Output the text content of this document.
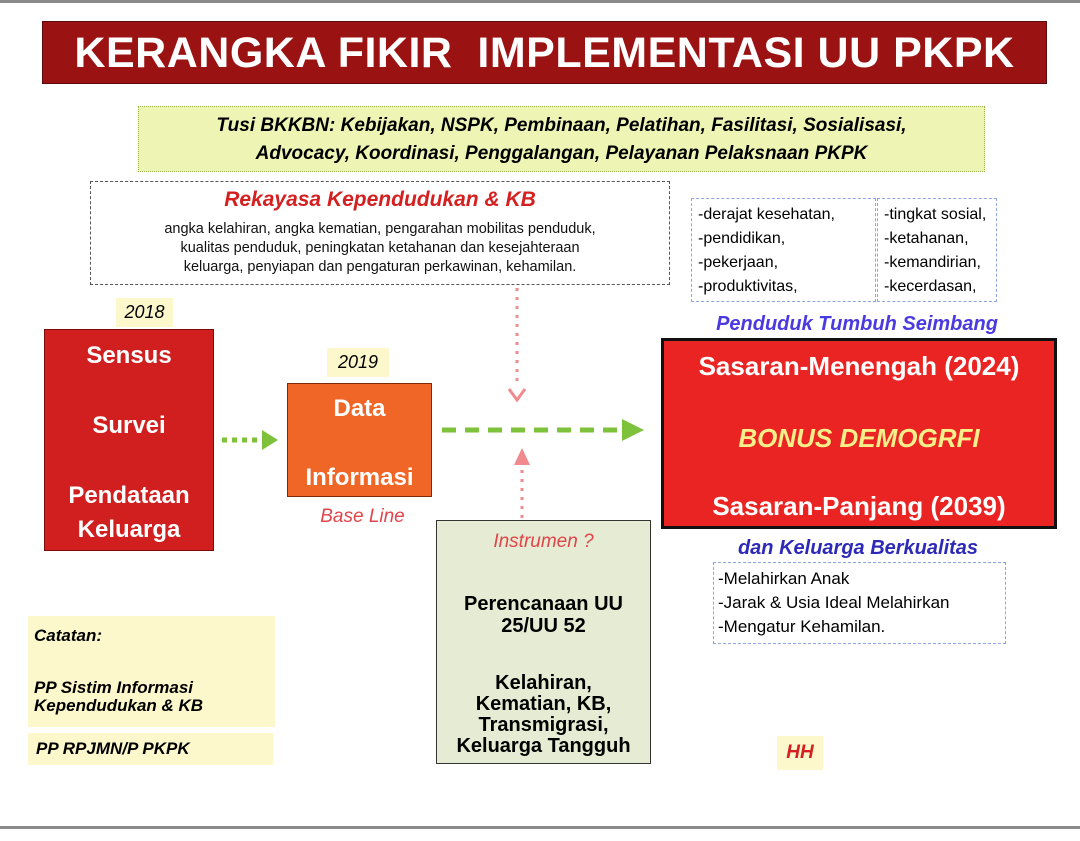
KERANGKA FIKIR  IMPLEMENTASI UU PKPK
Tusi BKKBN: Kebijakan, NSPK, Pembinaan, Pelatihan, Fasilitasi, Sosialisasi,
Advocacy, Koordinasi, Penggalangan, Pelayanan Pelaksnaan PKPK
Rekayasa Kependudukan & KB
angka kelahiran, angka kematian, pengarahan mobilitas penduduk,
kualitas penduduk, peningkatan ketahanan dan kesejahteraan
keluarga, penyiapan dan pengaturan perkawinan, kehamilan.
2018
2019
Sensus
Survei
Pendataan
Keluarga
Data
Informasi
Base Line
Instrumen ?
Perencanaan UU
25/UU 52
Kelahiran,
Kematian, KB,
Transmigrasi,
Keluarga Tangguh
-derajat kesehatan,
-pendidikan,
-pekerjaan,
-produktivitas,
-tingkat sosial,
-ketahanan,
-kemandirian,
-kecerdasan,
Penduduk Tumbuh Seimbang
Sasaran-Menengah (2024)
BONUS DEMOGRFI
Sasaran-Panjang (2039)
dan Keluarga Berkualitas
-Melahirkan Anak
-Jarak & Usia Ideal Melahirkan
-Mengatur Kehamilan.
Catatan:
PP Sistim Informasi
Kependudukan & KB
PP RPJMN/P PKPK	HH
